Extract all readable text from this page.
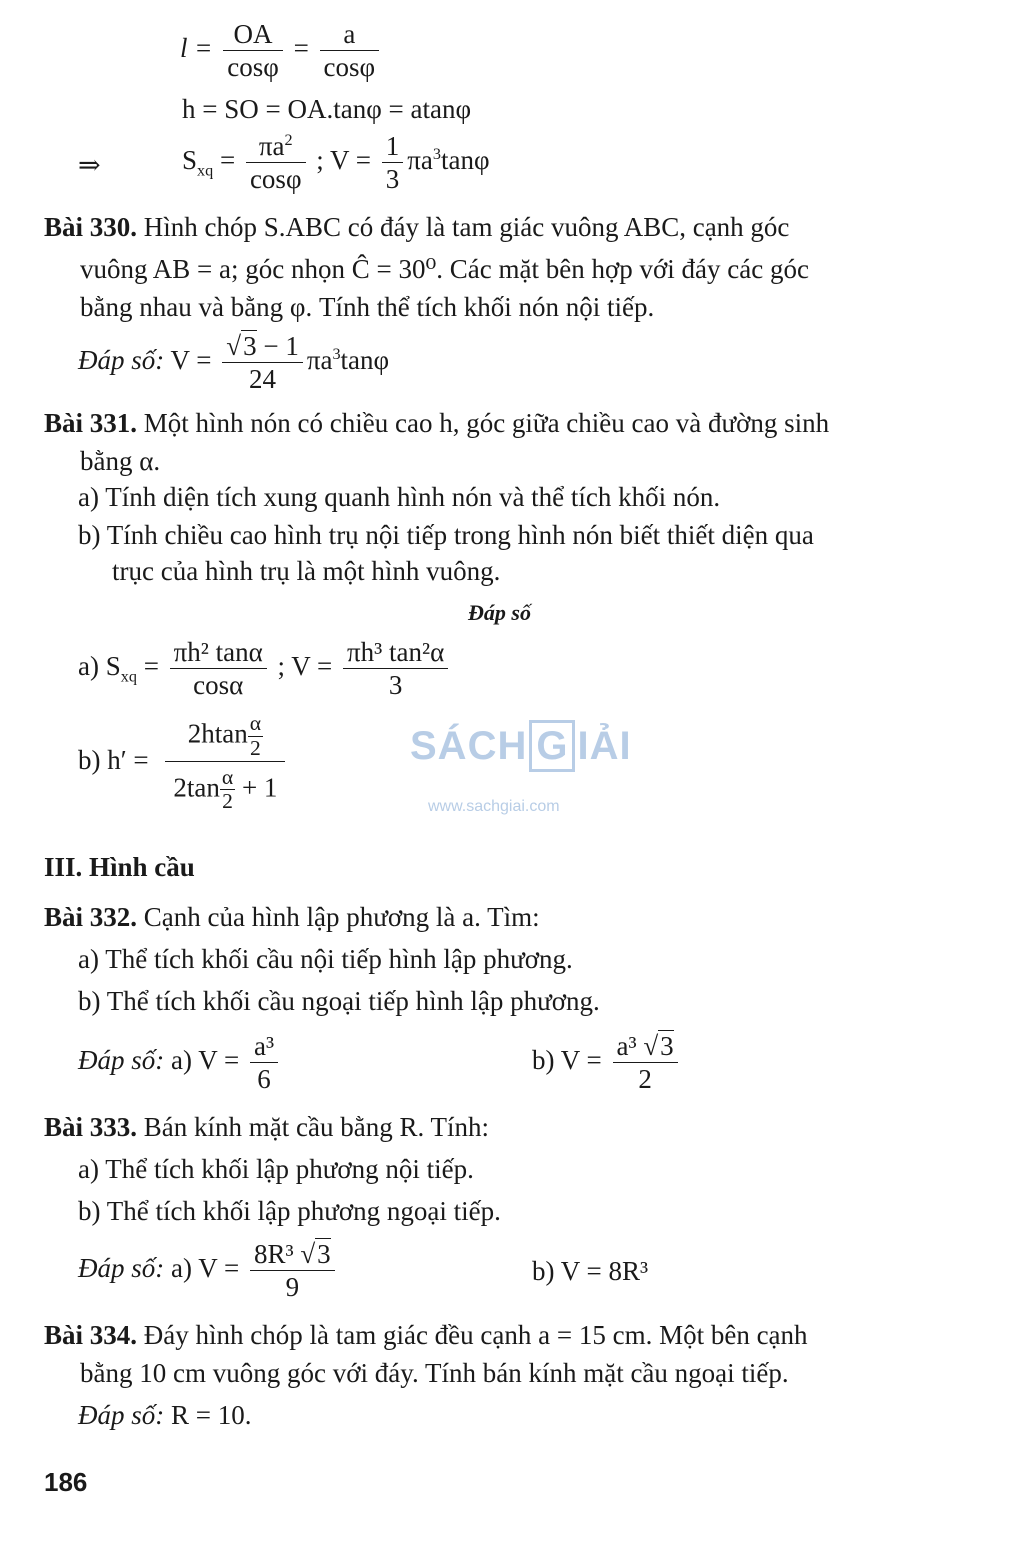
$l = \frac{OA}{\cos\varphi} = \frac{a}{\cos\varphi}$
h = SO = OA.tanφ = atanφ
⇒	$S_{xq} = \frac{\pi a^2}{\cos\varphi}$ ; $V = \frac{1}{3} \pi a^3\tan\varphi$
Bài 330. Hình chóp S.ABC có đáy là tam giác vuông ABC, cạnh góc
vuông AB = a; góc nhọn Ĉ = 30⁰. Các mặt bên hợp với đáy các góc
bằng nhau và bằng φ. Tính thể tích khối nón nội tiếp.
Đáp số: $V = \frac{√3 - 1}{24} \pi a^3\tan\varphi$
Bài 331. Một hình nón có chiều cao h, góc giữa chiều cao và đường sinh
bằng α.
a) Tính diện tích xung quanh hình nón và thể tích khối nón.
b) Tính chiều cao hình trụ nội tiếp trong hình nón biết thiết diện qua
trục của hình trụ là một hình vuông.
Đáp số
a) $S_{xq} = \frac{\text{πh² tanα}}{\cos\alpha}$ ; $V = \frac{\text{πh³ tan²α}}{3}$
b) $h' = \frac{2htan \frac{\alpha}{2}}{2\tan \frac{\alpha}{2} + 1}$	SÁCH G IẢI
www.sachgiai.com
III. Hình cầu
Bài 332. Cạnh của hình lập phương là a. Tìm:
a) Thể tích khối cầu nội tiếp hình lập phương.
b) Thể tích khối cầu ngoại tiếp hình lập phương.
Đáp số: a) $V = \frac{\text{a³}}{6}$	b) $V = \frac{\text{a³ √3}}{2}$
Bài 333. Bán kính mặt cầu bằng R. Tính:
a) Thể tích khối lập phương nội tiếp.
b) Thể tích khối lập phương ngoại tiếp.
Đáp số: a) $V = \frac{\text{8R³ √3}}{9}$	b) V = 8R³
Bài 334. Đáy hình chóp là tam giác đều cạnh a = 15 cm. Một bên cạnh
bằng 10 cm vuông góc với đáy. Tính bán kính mặt cầu ngoại tiếp.
Đáp số: R = 10.
186
